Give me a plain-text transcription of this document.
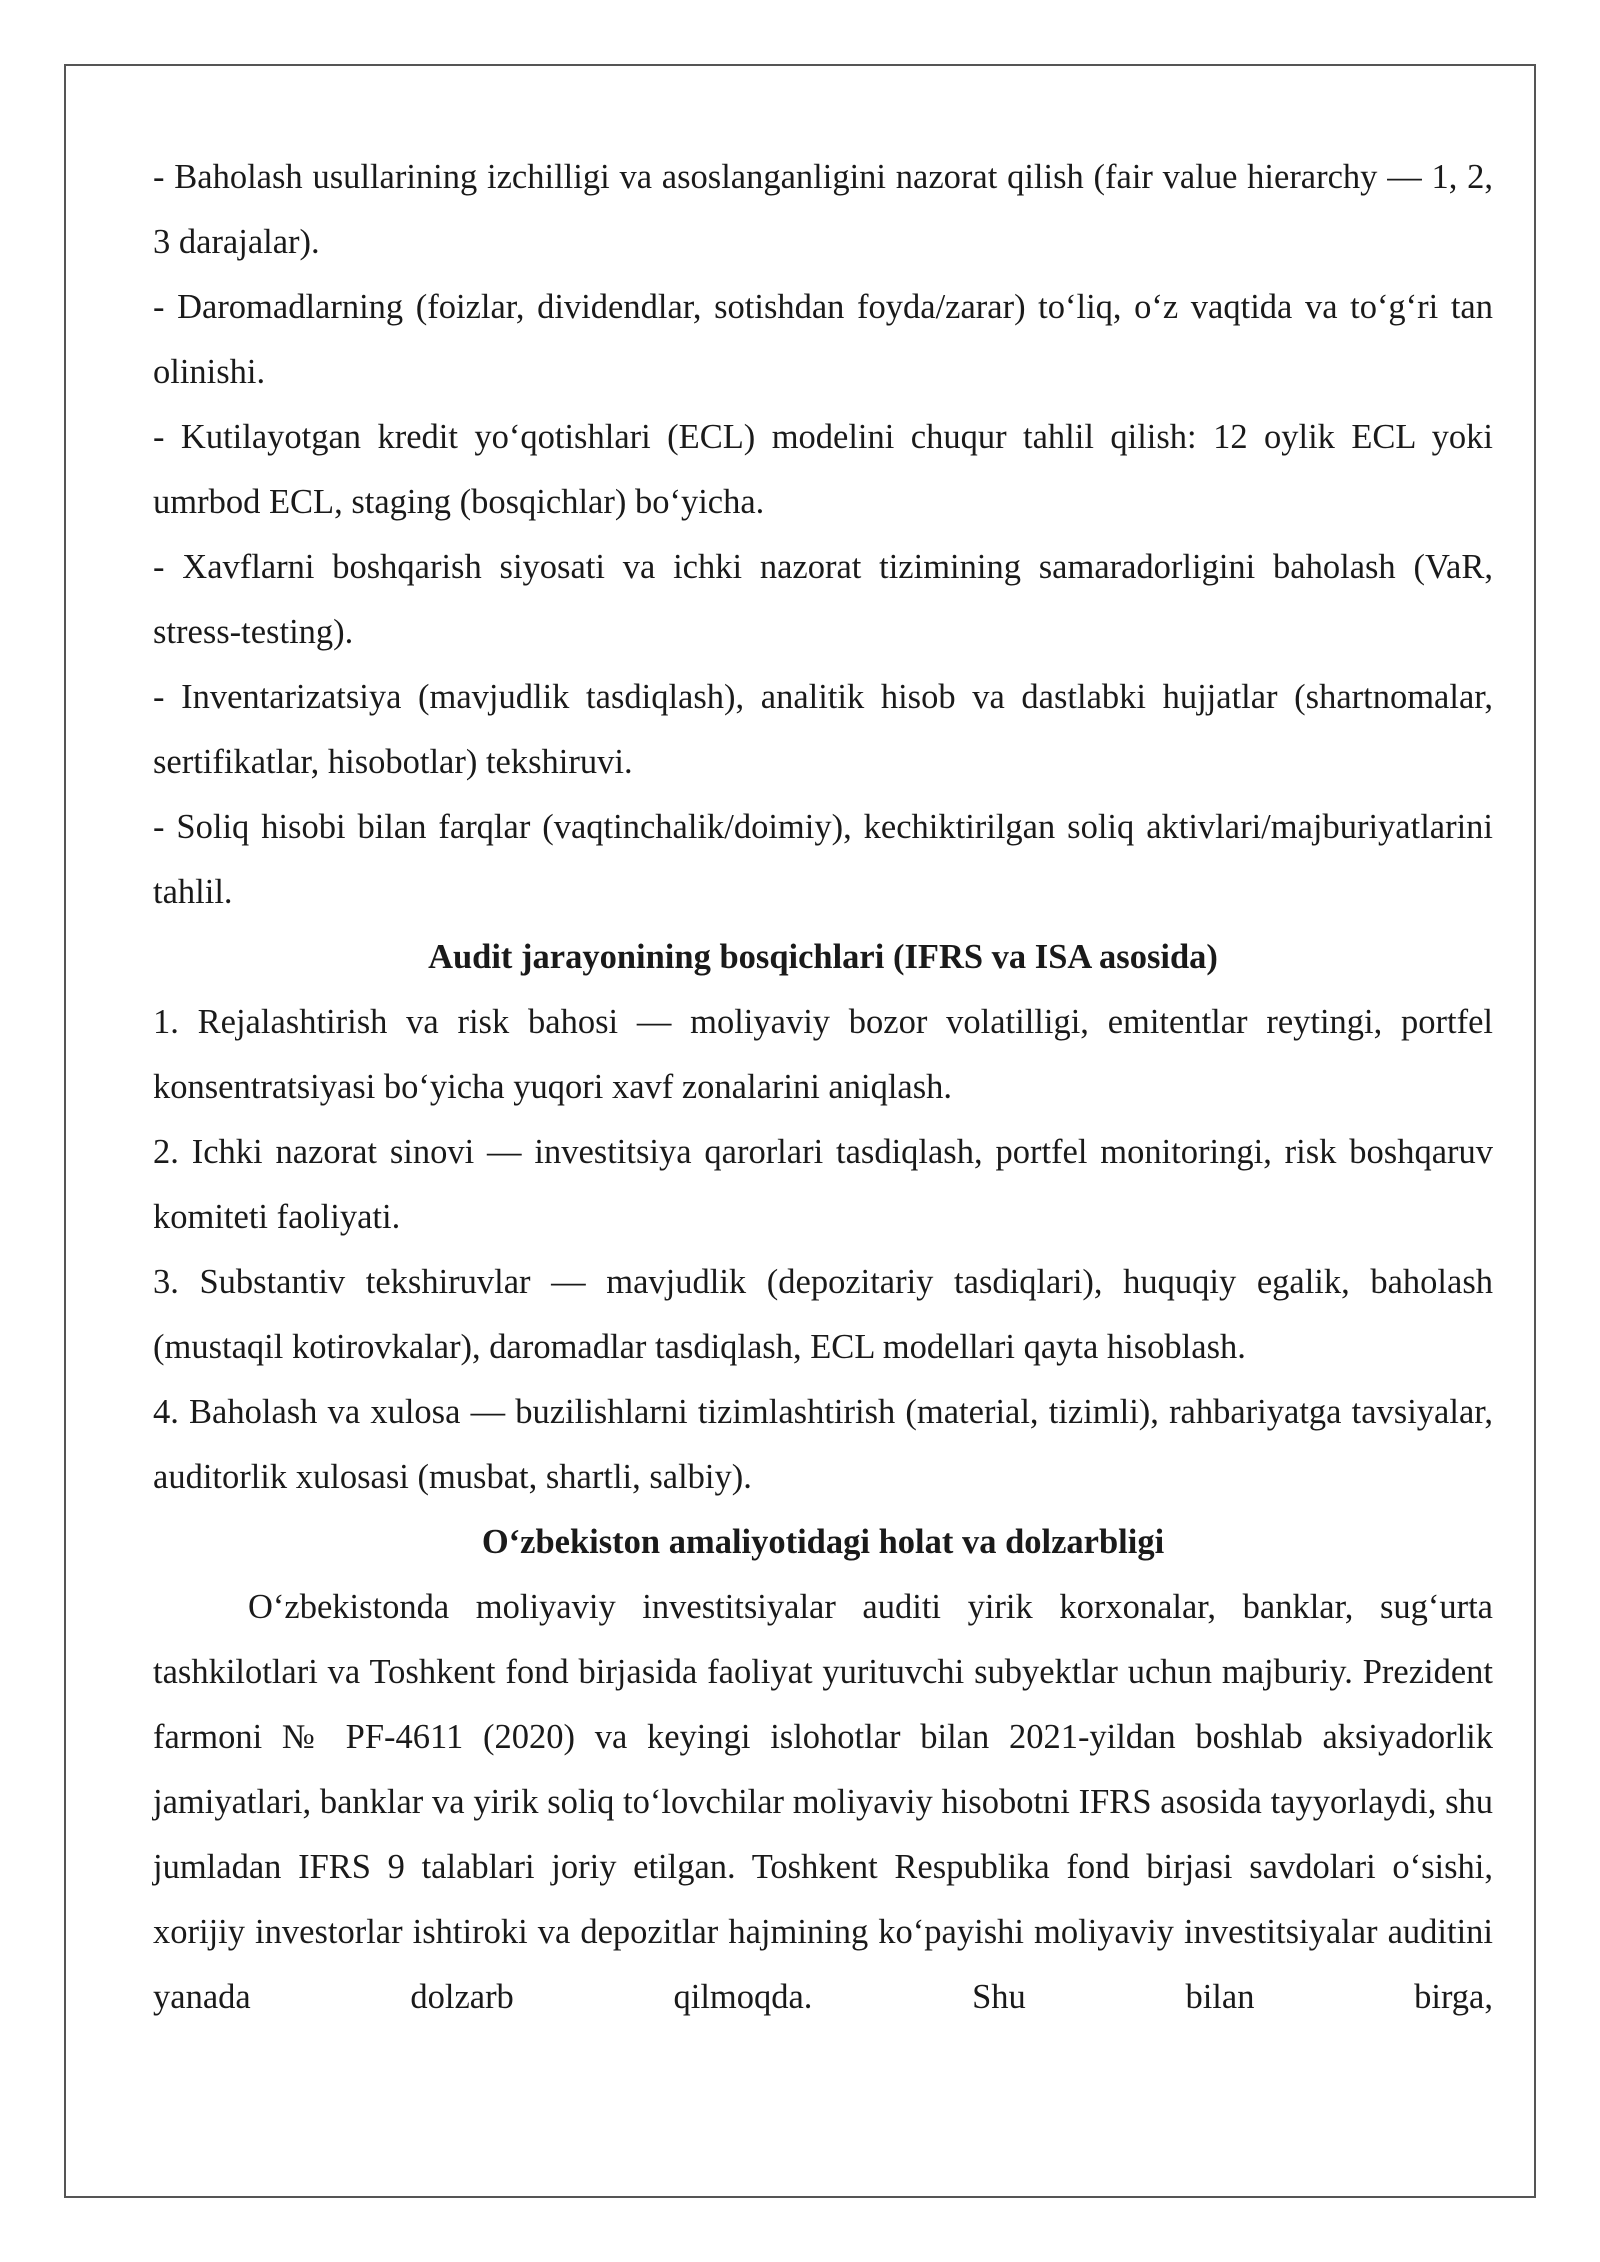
- Baholash usullarining izchilligi va asoslanganligini nazorat qilish (fair value hierarchy — 1, 2, 3 darajalar).

- Daromadlarning (foizlar, dividendlar, sotishdan foyda/zarar) to‘liq, o‘z vaqtida va to‘g‘ri tan olinishi.

- Kutilayotgan kredit yo‘qotishlari (ECL) modelini chuqur tahlil qilish: 12 oylik ECL yoki umrbod ECL, staging (bosqichlar) bo‘yicha.

- Xavflarni boshqarish siyosati va ichki nazorat tizimining samaradorligini baholash (VaR, stress-testing).

- Inventarizatsiya (mavjudlik tasdiqlash), analitik hisob va dastlabki hujjatlar (shartnomalar, sertifikatlar, hisobotlar) tekshiruvi.

- Soliq hisobi bilan farqlar (vaqtinchalik/doimiy), kechiktirilgan soliq aktivlari/majburiyatlarini tahlil.

Audit jarayonining bosqichlari (IFRS va ISA asosida)

1. Rejalashtirish va risk bahosi — moliyaviy bozor volatilligi, emitentlar reytingi, portfel konsentratsiyasi bo‘yicha yuqori xavf zonalarini aniqlash.

2. Ichki nazorat sinovi — investitsiya qarorlari tasdiqlash, portfel monitoringi, risk boshqaruv komiteti faoliyati.

3. Substantiv tekshiruvlar — mavjudlik (depozitariy tasdiqlari), huquqiy egalik, baholash (mustaqil kotirovkalar), daromadlar tasdiqlash, ECL modellari qayta hisoblash.

4. Baholash va xulosa — buzilishlarni tizimlashtirish (material, tizimli), rahbariyatga tavsiyalar, auditorlik xulosasi (musbat, shartli, salbiy).

O‘zbekiston amaliyotidagi holat va dolzarbligi

O‘zbekistonda moliyaviy investitsiyalar auditi yirik korxonalar, banklar, sug‘urta tashkilotlari va Toshkent fond birjasida faoliyat yurituvchi subyektlar uchun majburiy. Prezident farmoni № PF-4611 (2020) va keyingi islohotlar bilan 2021-yildan boshlab aksiyadorlik jamiyatlari, banklar va yirik soliq to‘lovchilar moliyaviy hisobotni IFRS asosida tayyorlaydi, shu jumladan IFRS 9 talablari joriy etilgan. Toshkent Respublika fond birjasi savdolari o‘sishi, xorijiy investorlar ishtiroki va depozitlar hajmining ko‘payishi moliyaviy investitsiyalar auditini yanada dolzarb qilmoqda. Shu bilan birga,
